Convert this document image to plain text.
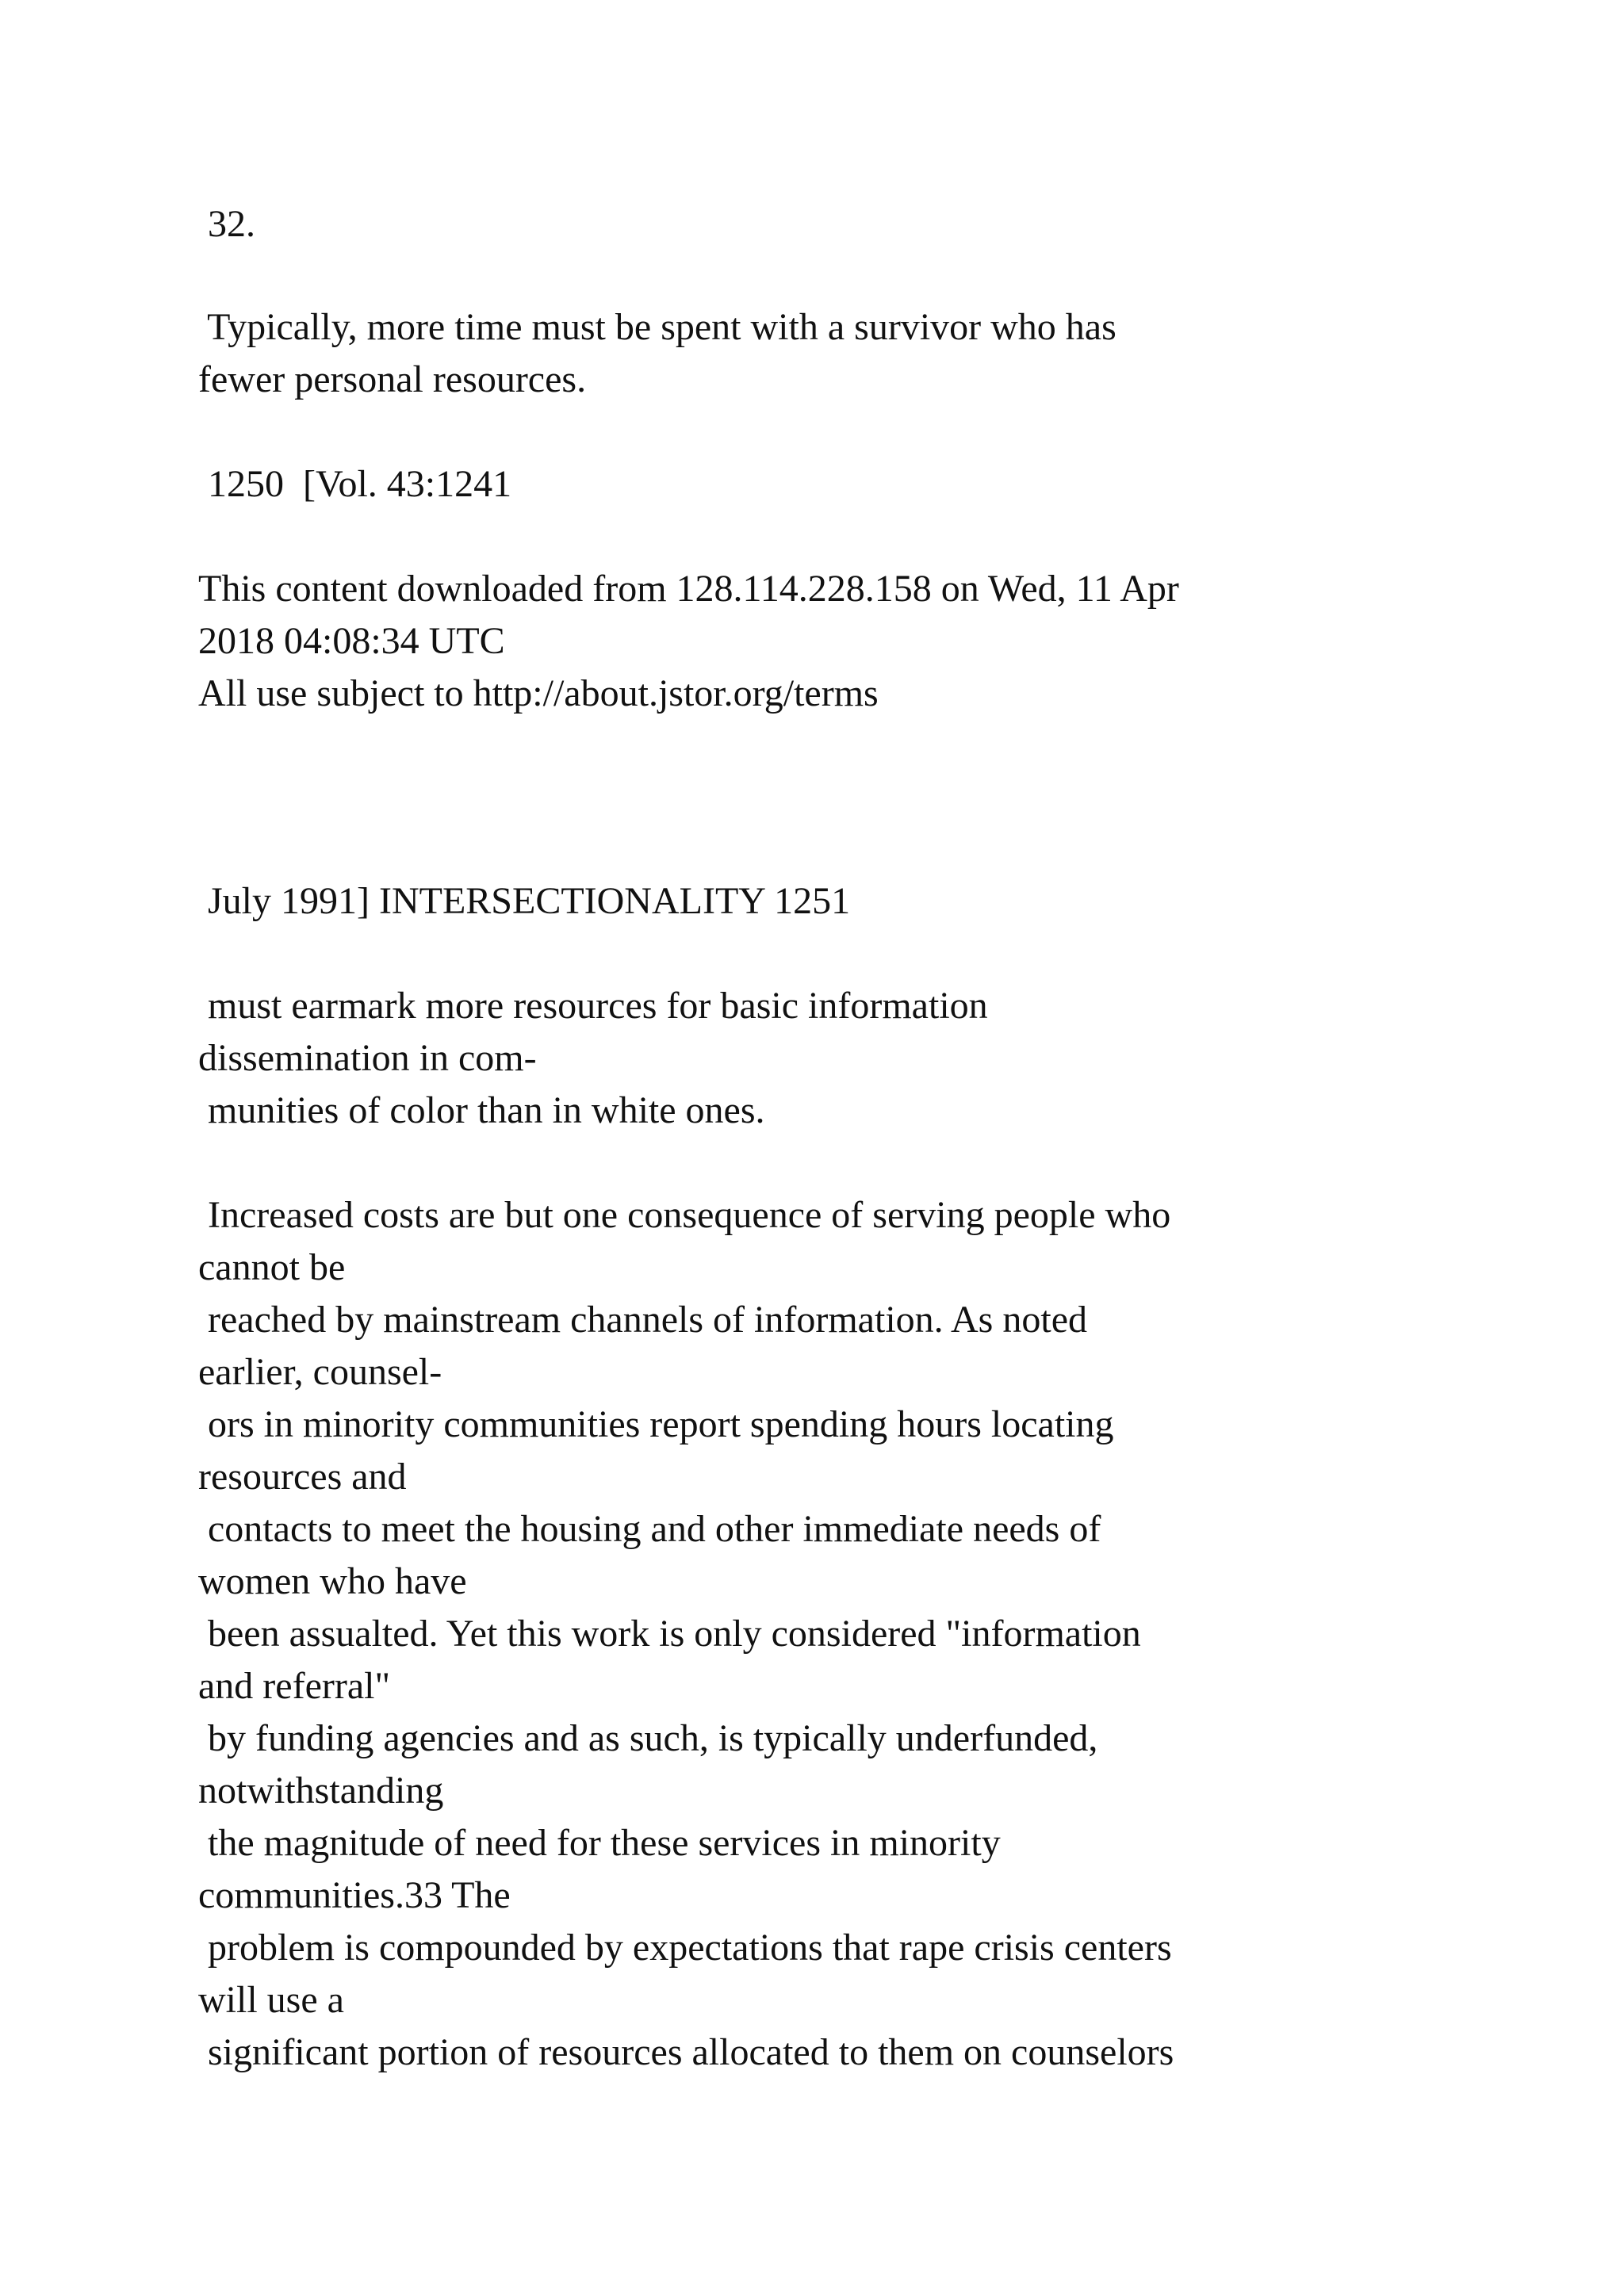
32.
Typically, more time must be spent with a survivor who has
fewer personal resources.
1250  [Vol. 43:1241
This content downloaded from 128.114.228.158 on Wed, 11 Apr
2018 04:08:34 UTC
All use subject to http://about.jstor.org/terms
July 1991] INTERSECTIONALITY 1251
must earmark more resources for basic information
dissemination in com-
munities of color than in white ones.
Increased costs are but one consequence of serving people who
cannot be
reached by mainstream channels of information. As noted
earlier, counsel-
ors in minority communities report spending hours locating
resources and
contacts to meet the housing and other immediate needs of
women who have
been assualted. Yet this work is only considered "information
and referral"
by funding agencies and as such, is typically underfunded,
notwithstanding
the magnitude of need for these services in minority
communities.33 The
problem is compounded by expectations that rape crisis centers
will use a
significant portion of resources allocated to them on counselors
